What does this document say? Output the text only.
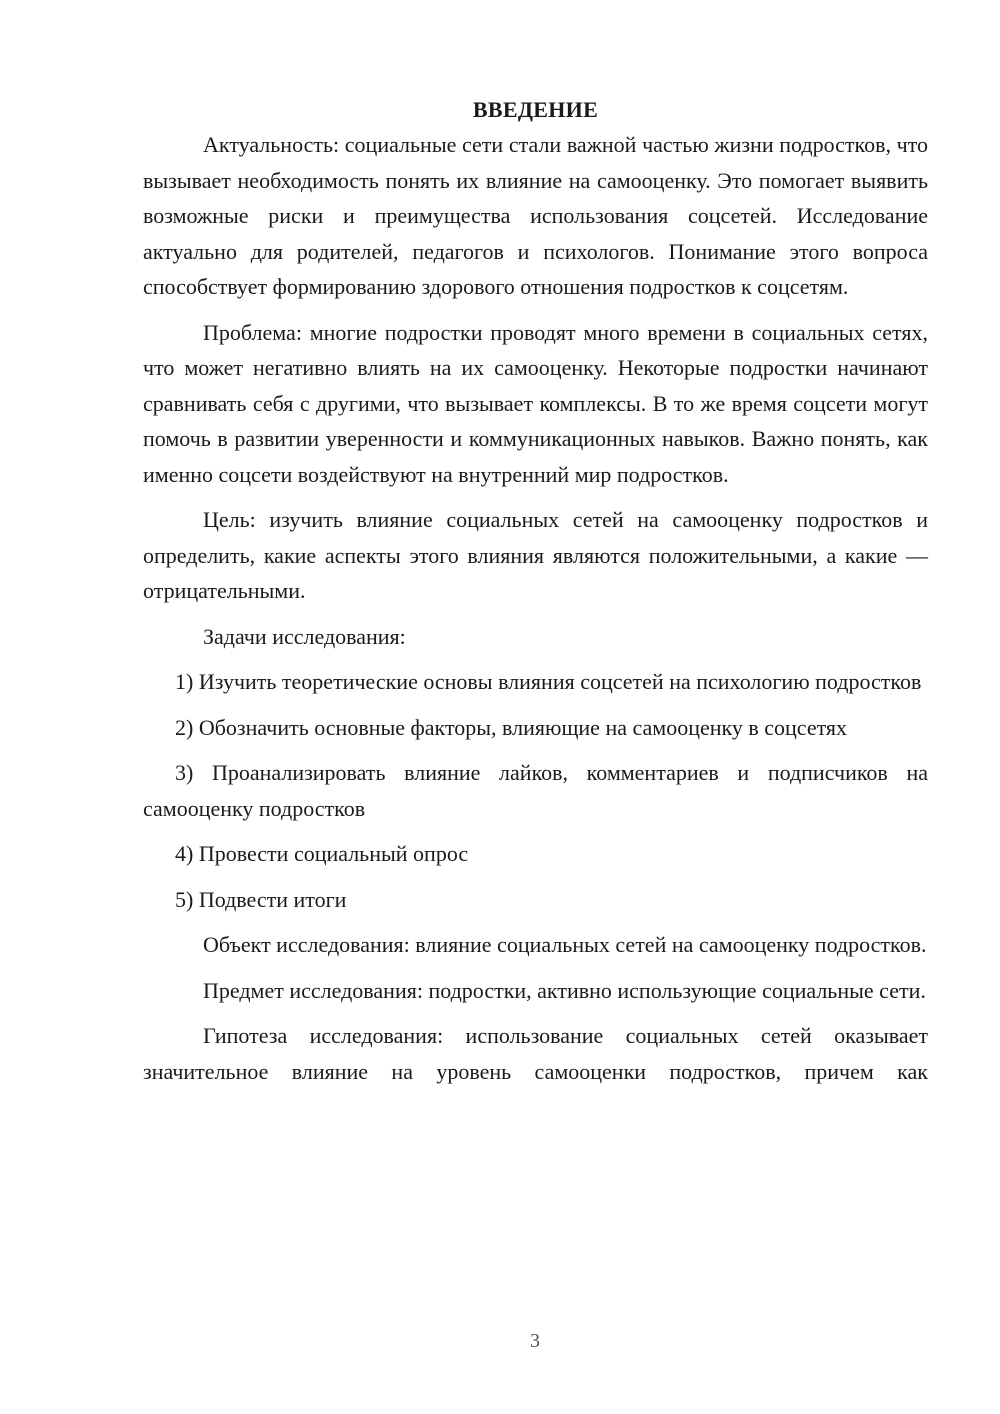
ВВЕДЕНИЕ

Актуальность: социальные сети стали важной частью жизни подростков, что вызывает необходимость понять их влияние на самооценку. Это помогает выявить возможные риски и преимущества использования соцсетей. Исследование актуально для родителей, педагогов и психологов. Понимание этого вопроса способствует формированию здорового отношения подростков к соцсетям.

Проблема: многие подростки проводят много времени в социальных сетях, что может негативно влиять на их самооценку. Некоторые подростки начинают сравнивать себя с другими, что вызывает комплексы. В то же время соцсети могут помочь в развитии уверенности и коммуникационных навыков. Важно понять, как именно соцсети воздействуют на внутренний мир подростков.

Цель: изучить влияние социальных сетей на самооценку подростков и определить, какие аспекты этого влияния являются положительными, а какие — отрицательными.

Задачи исследования:

1) Изучить теоретические основы влияния соцсетей на психологию подростков

2) Обозначить основные факторы, влияющие на самооценку в соцсетях

3) Проанализировать влияние лайков, комментариев и подписчиков на самооценку подростков

4) Провести социальный опрос

5) Подвести итоги

Объект исследования: влияние социальных сетей на самооценку подростков.

Предмет исследования: подростки, активно использующие социальные сети.

Гипотеза исследования: использование социальных сетей оказывает значительное влияние на уровень самооценки подростков, причем как

3
